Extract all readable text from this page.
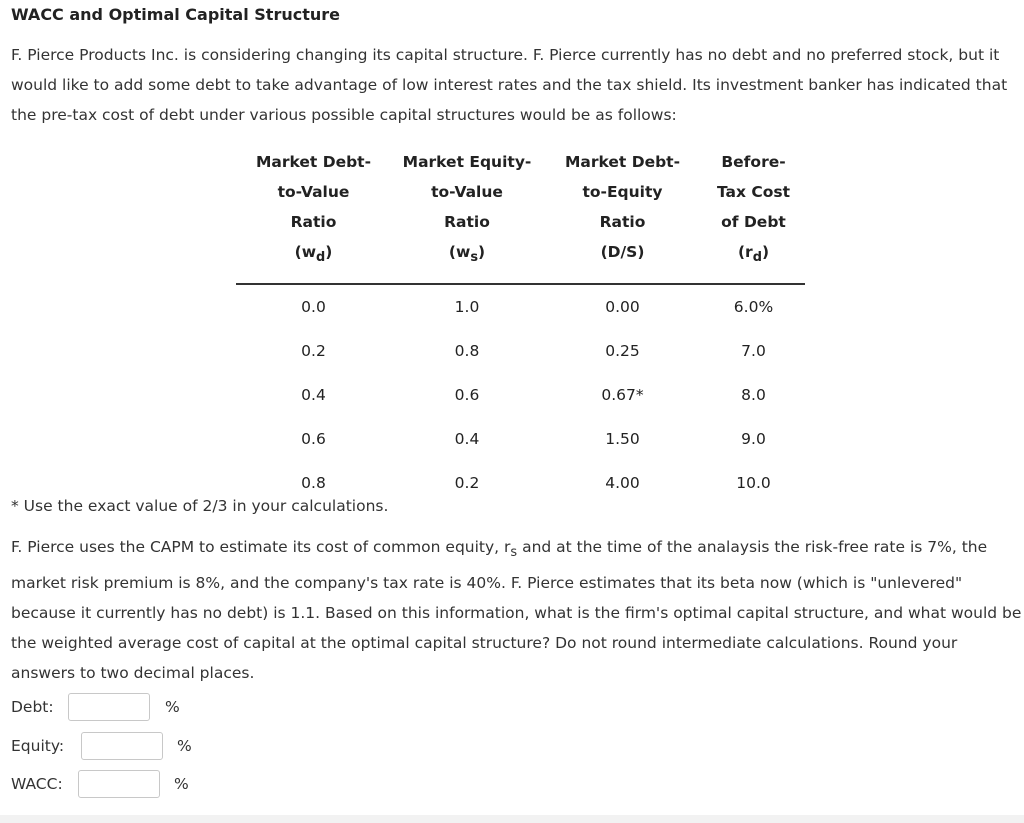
WACC and Optimal Capital Structure

F. Pierce Products Inc. is considering changing its capital structure. F. Pierce currently has no debt and no preferred stock, but it would like to add some debt to take advantage of low interest rates and the tax shield. Its investment banker has indicated that the pre-tax cost of debt under various possible capital structures would be as follows:

Market Debt-
to-Value
Ratio
$(w_d)$	Market Equity-
to-Value
Ratio
$(w_s)$	Market Debt-
to-Equity
Ratio
(D/S)	Before-
Tax Cost
of Debt
$(r_d)$

0.0	1.0	0.00	6.0%
0.2	0.8	0.25	7.0
0.4	0.6	0.67*	8.0
0.6	0.4	1.50	9.0
0.8	0.2	4.00	10.0
* Use the exact value of 2/3 in your calculations.

F. Pierce uses the CAPM to estimate its cost of common equity, $r_s$ and at the time of the analaysis the risk-free rate is 7%, the market risk premium is 8%, and the company's tax rate is 40%. F. Pierce estimates that its beta now (which is "unlevered" because it currently has no debt) is 1.1. Based on this information, what is the firm's optimal capital structure, and what would be the weighted average cost of capital at the optimal capital structure? Do not round intermediate calculations. Round your answers to two decimal places.

Debt:	%
Equity:	%
WACC:	%
